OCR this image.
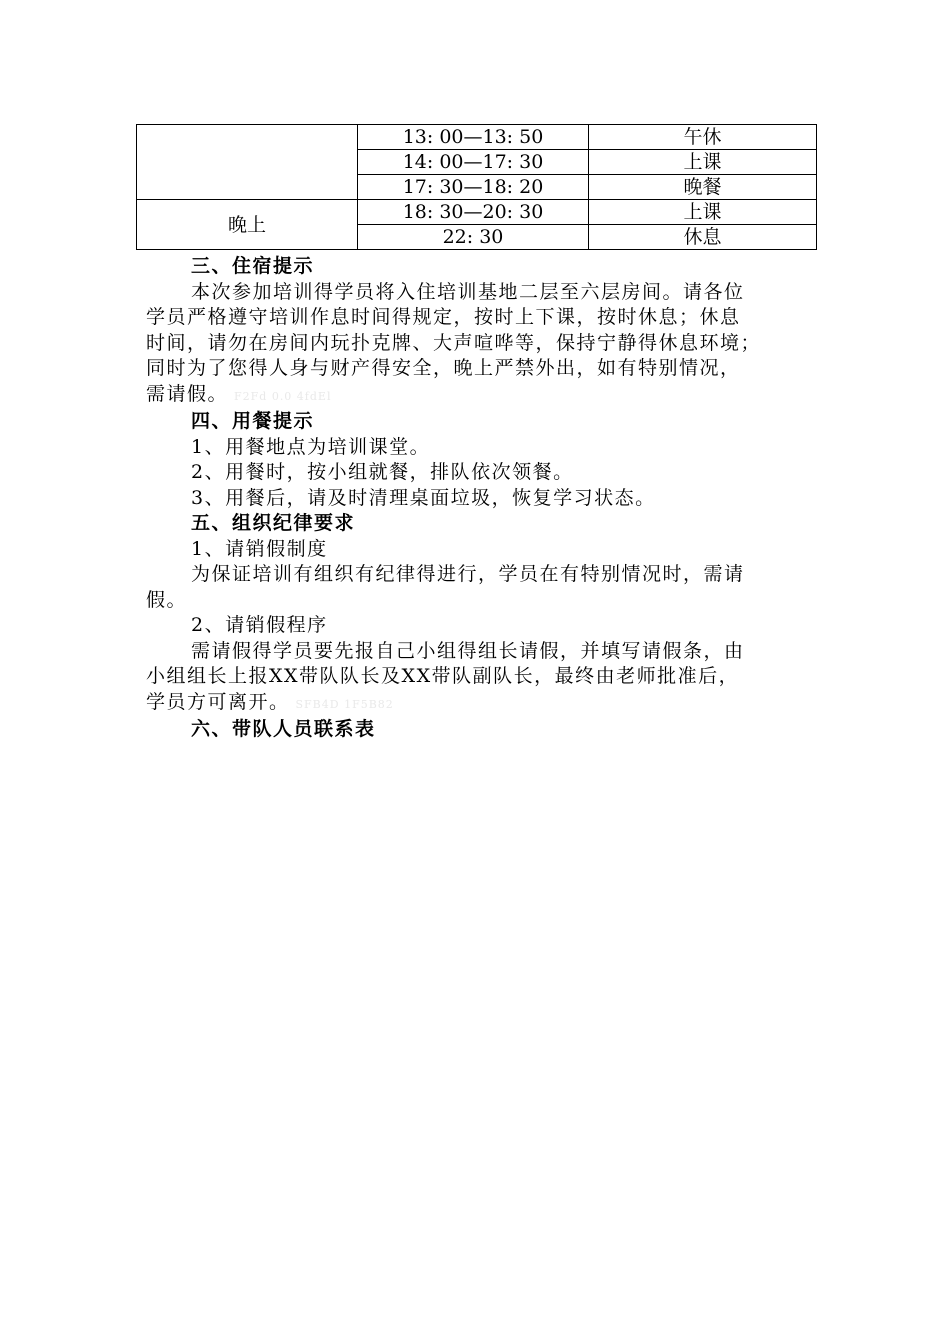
	13: 00—13: 50	午休
	14: 00—17: 30	上课
	17: 30—18: 20	晚餐
晚上	18: 30—20: 30	上课
	22: 30	休息

三、住宿提示

本次参加培训得学员将入住培训基地二层至六层房间。请各位

学员严格遵守培训作息时间得规定，按时上下课，按时休息；休息

时间，请勿在房间内玩扑克牌、大声喧哗等，保持宁静得休息环境；

同时为了您得人身与财产得安全，晚上严禁外出，如有特别情况，

需请假。 F2Fd 0.0 4fdEl

四、用餐提示

1、用餐地点为培训课堂。

2、用餐时，按小组就餐，排队依次领餐。

3、用餐后，请及时清理桌面垃圾，恢复学习状态。

五、组织纪律要求

1、请销假制度

为保证培训有组织有纪律得进行，学员在有特别情况时，需请

假。

2、请销假程序

需请假得学员要先报自己小组得组长请假，并填写请假条，由

小组组长上报XX带队队长及XX带队副队长，最终由老师批准后，

学员方可离开。 SFB4D 1F5B82

六、带队人员联系表
